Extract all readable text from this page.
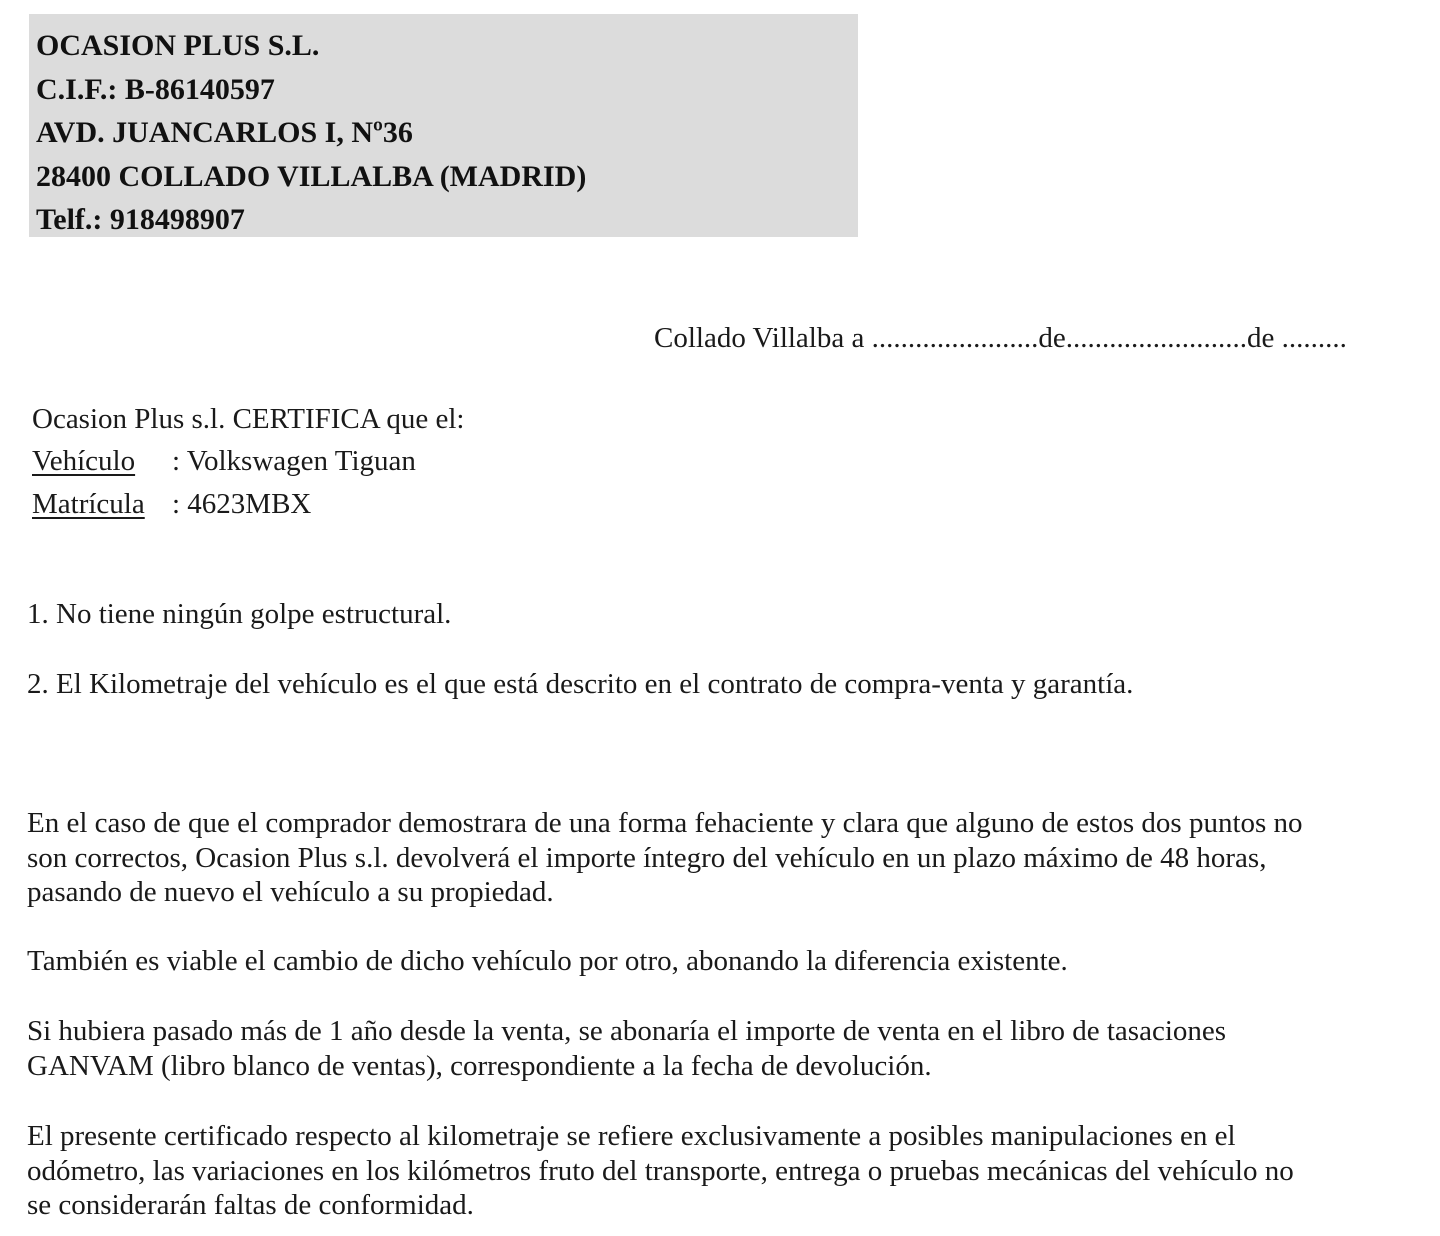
OCASION PLUS S.L.
C.I.F.: B-86140597
AVD. JUANCARLOS I, Nº36
28400 COLLADO VILLALBA (MADRID)
Telf.: 918498907
Collado Villalba a .......................de.........................de .........
Ocasion Plus s.l. CERTIFICA que el:
Vehículo : Volkswagen Tiguan
Matrícula : 4623MBX
1. No tiene ningún golpe estructural.
2. El Kilometraje del vehículo es el que está descrito en el contrato de compra-venta y garantía.
En el caso de que el comprador demostrara de una forma fehaciente y clara que alguno de estos dos puntos no
son correctos, Ocasion Plus s.l. devolverá el importe íntegro del vehículo en un plazo máximo de 48 horas,
pasando de nuevo el vehículo a su propiedad.
También es viable el cambio de dicho vehículo por otro, abonando la diferencia existente.
Si hubiera pasado más de 1 año desde la venta, se abonaría el importe de venta en el libro de tasaciones
GANVAM (libro blanco de ventas), correspondiente a la fecha de devolución.
El presente certificado respecto al kilometraje se refiere exclusivamente a posibles manipulaciones en el
odómetro, las variaciones en los kilómetros fruto del transporte, entrega o pruebas mecánicas del vehículo no
se considerarán faltas de conformidad.
